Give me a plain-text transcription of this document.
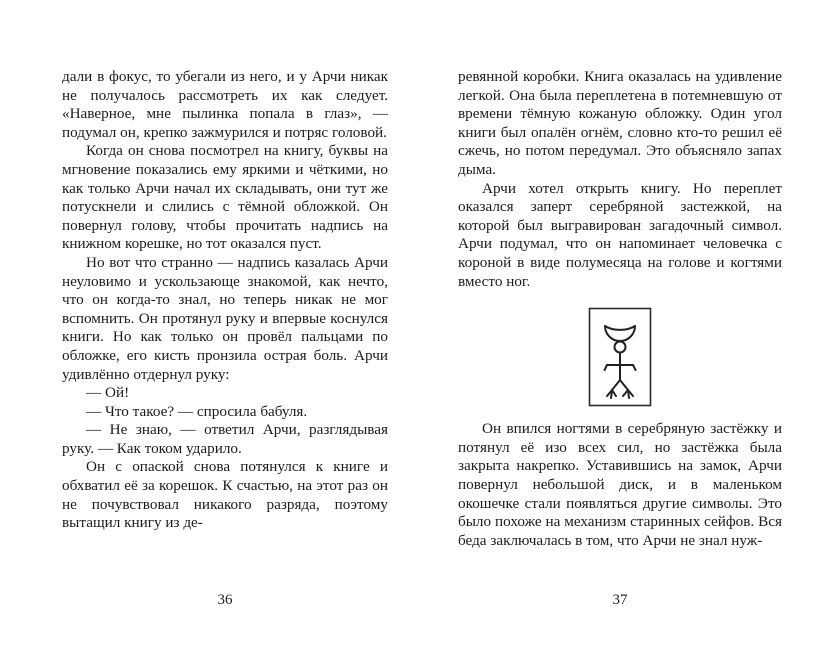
дали в фокус, то убегали из него, и у Арчи никак не получалось рассмотреть их как следует. «Наверное, мне пылинка попала в глаз», — подумал он, крепко зажмурился и потряс головой.

Когда он снова посмотрел на книгу, буквы на мгновение показались ему яркими и чёткими, но как только Арчи начал их складывать, они тут же потускнели и слились с тёмной обложкой. Он повернул голову, чтобы прочитать надпись на книжном корешке, но тот оказался пуст.

Но вот что странно — надпись казалась Арчи неуловимо и ускользающе знакомой, как нечто, что он когда-то знал, но теперь никак не мог вспомнить. Он протянул руку и впервые коснулся книги. Но как только он провёл пальцами по обложке, его кисть пронзила острая боль. Арчи удивлённо отдернул руку:

— Ой!

— Что такое? — спросила бабуля.

— Не знаю, — ответил Арчи, разглядывая руку. — Как током ударило.

Он с опаской снова потянулся к книге и обхватил её за корешок. К счастью, на этот раз он не почувствовал никакого разряда, поэтому вытащил книгу из де-

36

ревянной коробки. Книга оказалась на удивление легкой. Она была переплетена в потемневшую от времени тёмную кожаную обложку. Один угол книги был опалён огнём, словно кто-то решил её сжечь, но потом передумал. Это объясняло запах дыма.

Арчи хотел открыть книгу. Но переплет оказался заперт серебряной застежкой, на которой был выгравирован загадочный символ. Арчи подумал, что он напоминает человечка с короной в виде полумесяца на голове и когтями вместо ног.

Он впился ногтями в серебряную застёжку и потянул её изо всех сил, но застёжка была закрыта накрепко. Уставившись на замок, Арчи повернул небольшой диск, и в маленьком окошечке стали появляться другие символы. Это было похоже на механизм старинных сейфов. Вся беда заключалась в том, что Арчи не знал нуж-

37
